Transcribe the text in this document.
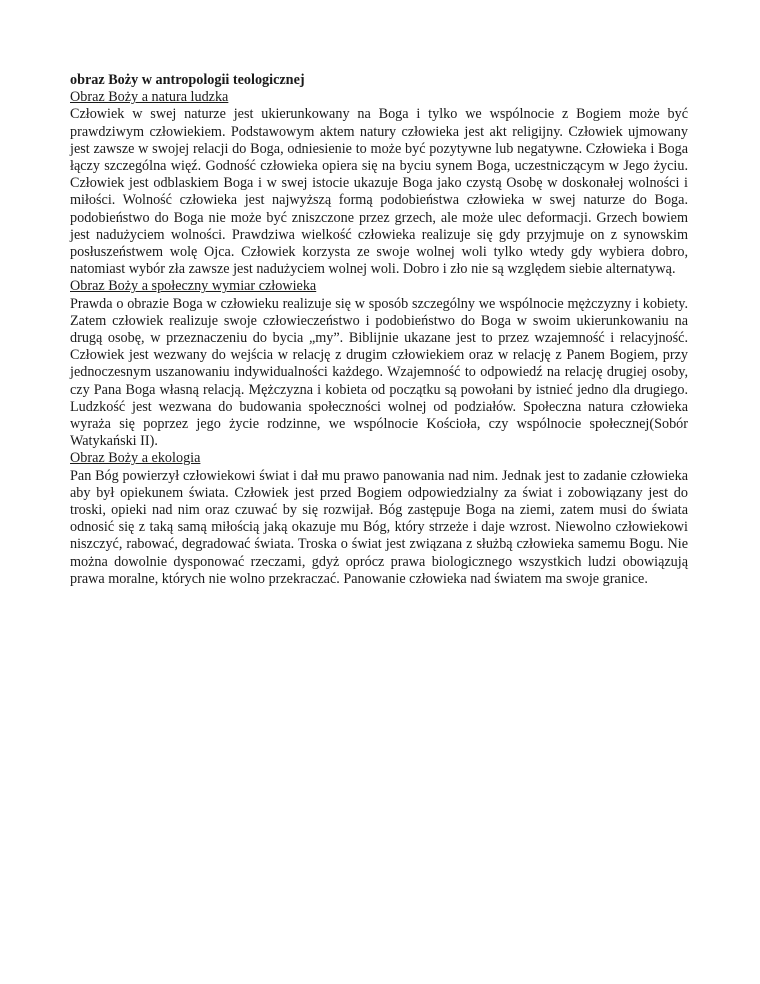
obraz Boży w antropologii teologicznej

Obraz Boży a natura ludzka

Człowiek w swej naturze jest ukierunkowany na Boga i tylko we wspólnocie z Bogiem może być prawdziwym człowiekiem. Podstawowym aktem natury człowieka jest akt religijny. Człowiek ujmowany jest zawsze w swojej relacji do Boga, odniesienie to może być pozytywne lub negatywne. Człowieka i Boga łączy szczególna więź. Godność człowieka opiera się na byciu synem Boga, uczestniczącym w Jego życiu. Człowiek jest odblaskiem Boga i w swej istocie ukazuje Boga jako czystą Osobę w doskonałej wolności i miłości. Wolność człowieka jest najwyższą formą podobieństwa człowieka w swej naturze do Boga. podobieństwo do Boga nie może być zniszczone przez grzech, ale może ulec deformacji. Grzech bowiem jest nadużyciem wolności. Prawdziwa wielkość człowieka realizuje się gdy przyjmuje on z synowskim posłuszeństwem wolę Ojca. Człowiek korzysta ze swoje wolnej woli tylko wtedy gdy wybiera dobro, natomiast wybór zła zawsze jest nadużyciem wolnej woli. Dobro i zło nie są względem siebie alternatywą.

Obraz Boży a społeczny wymiar człowieka

Prawda o obrazie Boga w człowieku realizuje się w sposób szczególny we wspólnocie mężczyzny i kobiety. Zatem człowiek realizuje swoje człowieczeństwo i podobieństwo do Boga w swoim ukierunkowaniu na drugą osobę, w przeznaczeniu do bycia „my”. Biblijnie ukazane jest to przez wzajemność i relacyjność. Człowiek jest wezwany do wejścia w relację z drugim człowiekiem oraz w relację z Panem Bogiem, przy jednoczesnym uszanowaniu indywidualności każdego. Wzajemność to odpowiedź na relację drugiej osoby, czy Pana Boga własną relacją. Mężczyzna i kobieta od początku są powołani by istnieć jedno dla drugiego. Ludzkość jest wezwana do budowania społeczności wolnej od podziałów. Społeczna natura człowieka wyraża się poprzez jego życie rodzinne, we wspólnocie Kościoła, czy wspólnocie społecznej(Sobór Watykański II).

Obraz Boży a ekologia

Pan Bóg powierzył człowiekowi świat i dał mu prawo panowania nad nim. Jednak jest to zadanie człowieka aby był opiekunem świata. Człowiek jest przed Bogiem odpowiedzialny za świat i zobowiązany jest do troski, opieki nad nim oraz czuwać by się rozwijał. Bóg zastępuje Boga na ziemi, zatem musi do świata odnosić się z taką samą miłością jaką okazuje mu Bóg, który strzeże i daje wzrost. Niewolno człowiekowi niszczyć, rabować, degradować świata. Troska o świat jest związana z służbą człowieka samemu Bogu. Nie można dowolnie dysponować rzeczami, gdyż oprócz prawa biologicznego wszystkich ludzi obowiązują prawa moralne, których nie wolno przekraczać. Panowanie człowieka nad światem ma swoje granice.
